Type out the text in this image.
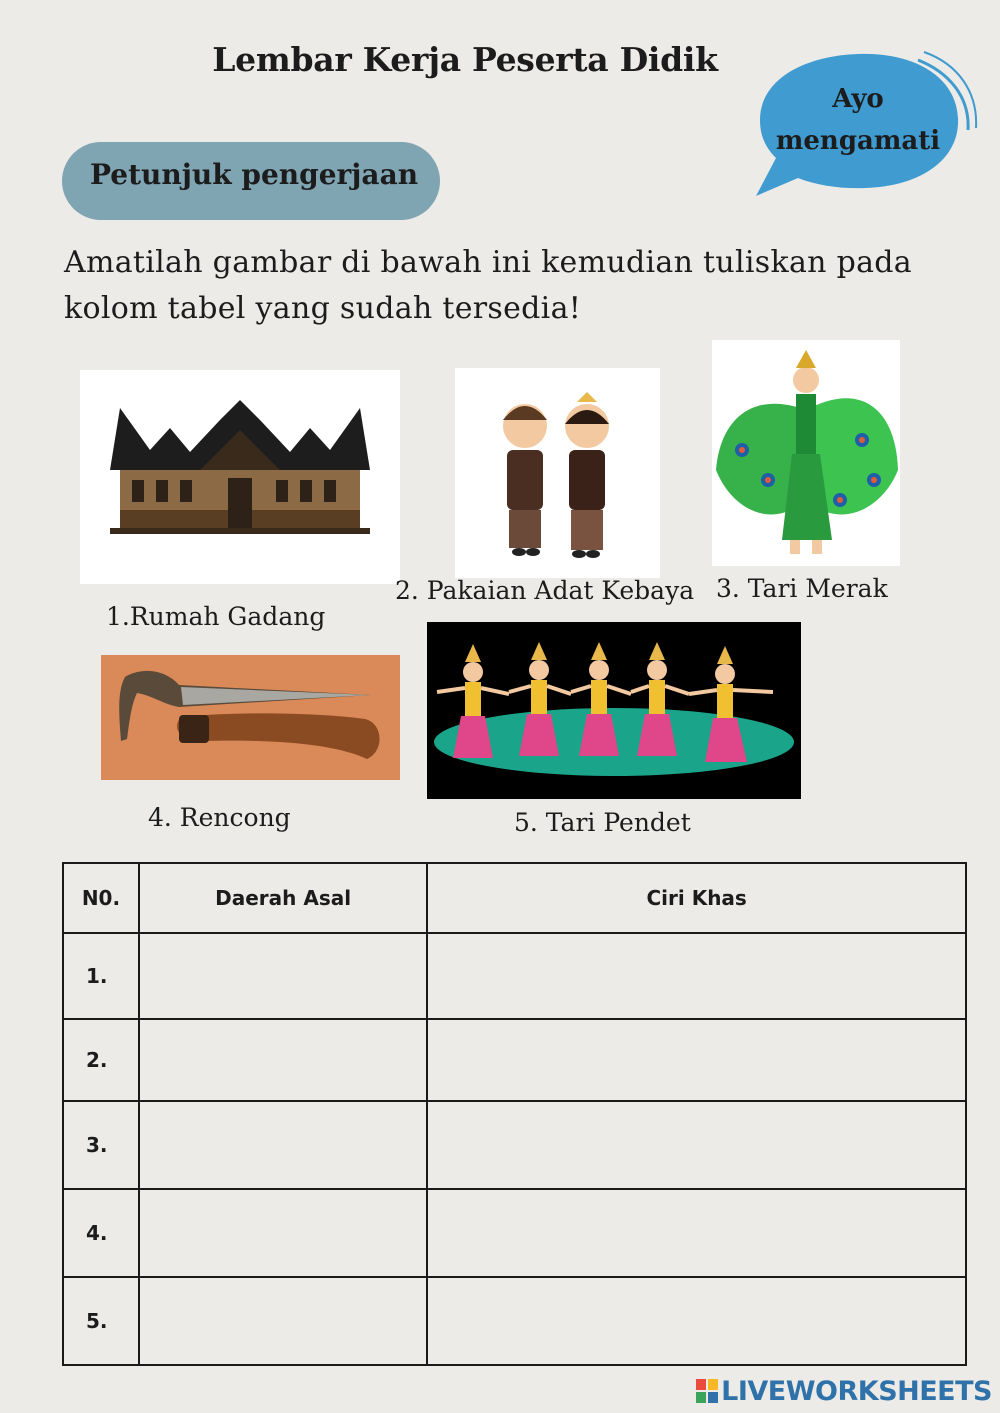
Lembar Kerja Peserta Didik
Ayo
mengamati
Petunjuk pengerjaan
Amatilah gambar di bawah ini kemudian tuliskan pada kolom tabel yang sudah tersedia!
1.Rumah Gadang
2. Pakaian Adat Kebaya 3. Tari Merak
4. Rencong	5. Tari Pendet
N0.	Daerah Asal	Ciri Khas
1.		
2.		
3.		
4.		
5.		
LIVEWORKSHEETS
